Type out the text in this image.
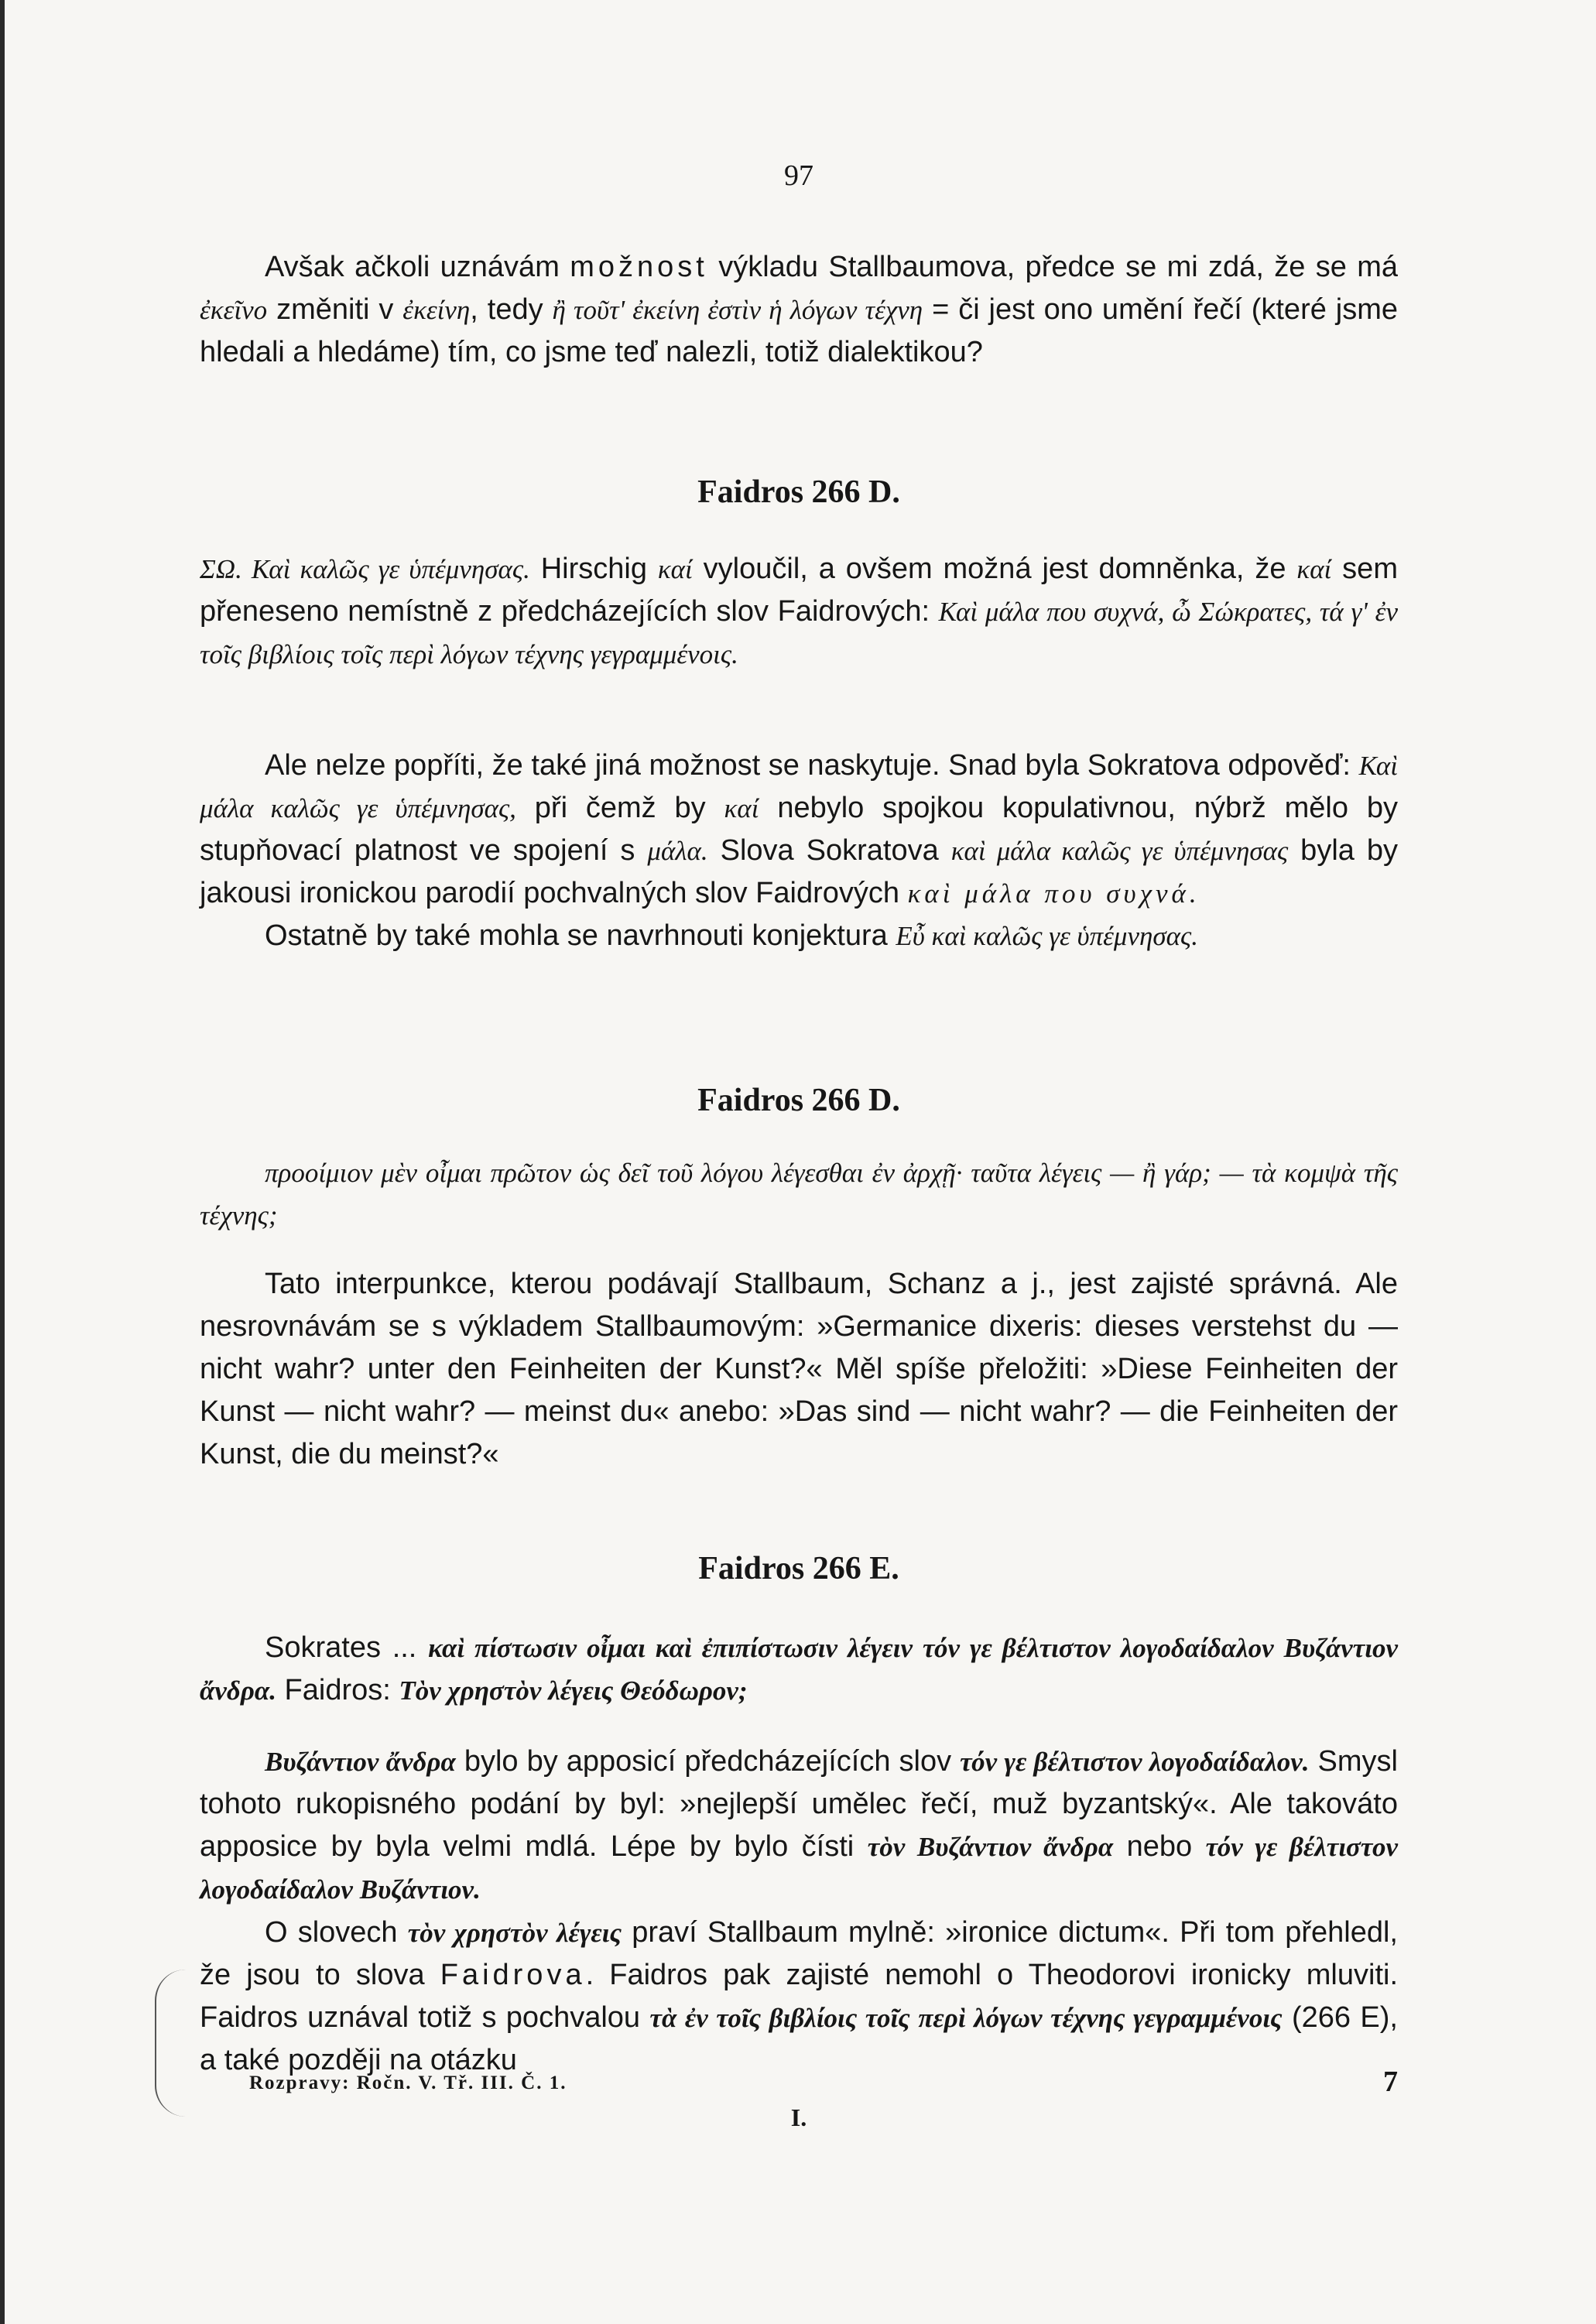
97

Avšak ačkoli uznávám možnost výkladu Stallbaumova, předce se mi zdá, že se má ἐκεῖνο změniti v ἐκείνη, tedy ἢ τοῦτ' ἐκείνη ἐστὶν ἡ λόγων τέχνη = či jest ono umění řečí (které jsme hledali a hledáme) tím, co jsme teď nalezli, totiž dialektikou?

Faidros 266 D.

ΣΩ. Καὶ καλῶς γε ὑπέμνησας. Hirschig καί vyloučil, a ovšem možná jest domněnka, že καί sem přeneseno nemístně z předcházejících slov Faidrových: Καὶ μάλα που συχνά, ὦ Σώκρατες, τά γ' ἐν τοῖς βιβλίοις τοῖς περὶ λόγων τέχνης γεγραμμένοις.

Ale nelze popříti, že také jiná možnost se naskytuje. Snad byla Sokratova odpověď: Καὶ μάλα καλῶς γε ὑπέμνησας, při čemž by καί nebylo spojkou kopulativnou, nýbrž mělo by stupňovací platnost ve spojení s μάλα. Slova Sokratova καὶ μάλα καλῶς γε ὑπέμνησας byla by jakousi ironickou parodií pochvalných slov Faidrových καὶ μάλα που συχνά.

Ostatně by také mohla se navrhnouti konjektura Εὖ καὶ καλῶς γε ὑπέμνησας.

Faidros 266 D.

προοίμιον μὲν οἶμαι πρῶτον ὡς δεῖ τοῦ λόγου λέγεσθαι ἐν ἀρχῇ· ταῦτα λέγεις — ἢ γάρ; — τὰ κομψὰ τῆς τέχνης;

Tato interpunkce, kterou podávají Stallbaum, Schanz a j., jest zajisté správná. Ale nesrovnávám se s výkladem Stallbaumovým: »Germanice dixeris: dieses verstehst du — nicht wahr? unter den Feinheiten der Kunst?« Měl spíše přeložiti: »Diese Feinheiten der Kunst — nicht wahr? — meinst du« anebo: »Das sind — nicht wahr? — die Feinheiten der Kunst, die du meinst?«

Faidros 266 E.

Sokrates ... καὶ πίστωσιν οἶμαι καὶ ἐπιπίστωσιν λέγειν τόν γε βέλτιστον λογοδαίδαλον Βυζάντιον ἄνδρα. Faidros: Τὸν χρηστὸν λέγεις Θεόδωρον;

Βυζάντιον ἄνδρα bylo by apposicí předcházejících slov τόν γε βέλτιστον λογοδαίδαλον. Smysl tohoto rukopisného podání by byl: »nejlepší umělec řečí, muž byzantský«. Ale takováto apposice by byla velmi mdlá. Lépe by bylo čísti τὸν Βυζάντιον ἄνδρα nebo τόν γε βέλτιστον λογοδαίδαλον Βυζάντιον.

O slovech τὸν χρηστὸν λέγεις praví Stallbaum mylně: »ironice dictum«. Při tom přehledl, že jsou to slova Faidrova. Faidros pak zajisté nemohl o Theodorovi ironicky mluviti. Faidros uznával totiž s pochvalou τὰ ἐν τοῖς βιβλίοις τοῖς περὶ λόγων τέχνης γεγραμμένοις (266 E), a také později na otázku

Rozpravy: Ročn. V. Tř. III. Č. 1.	7
I.
